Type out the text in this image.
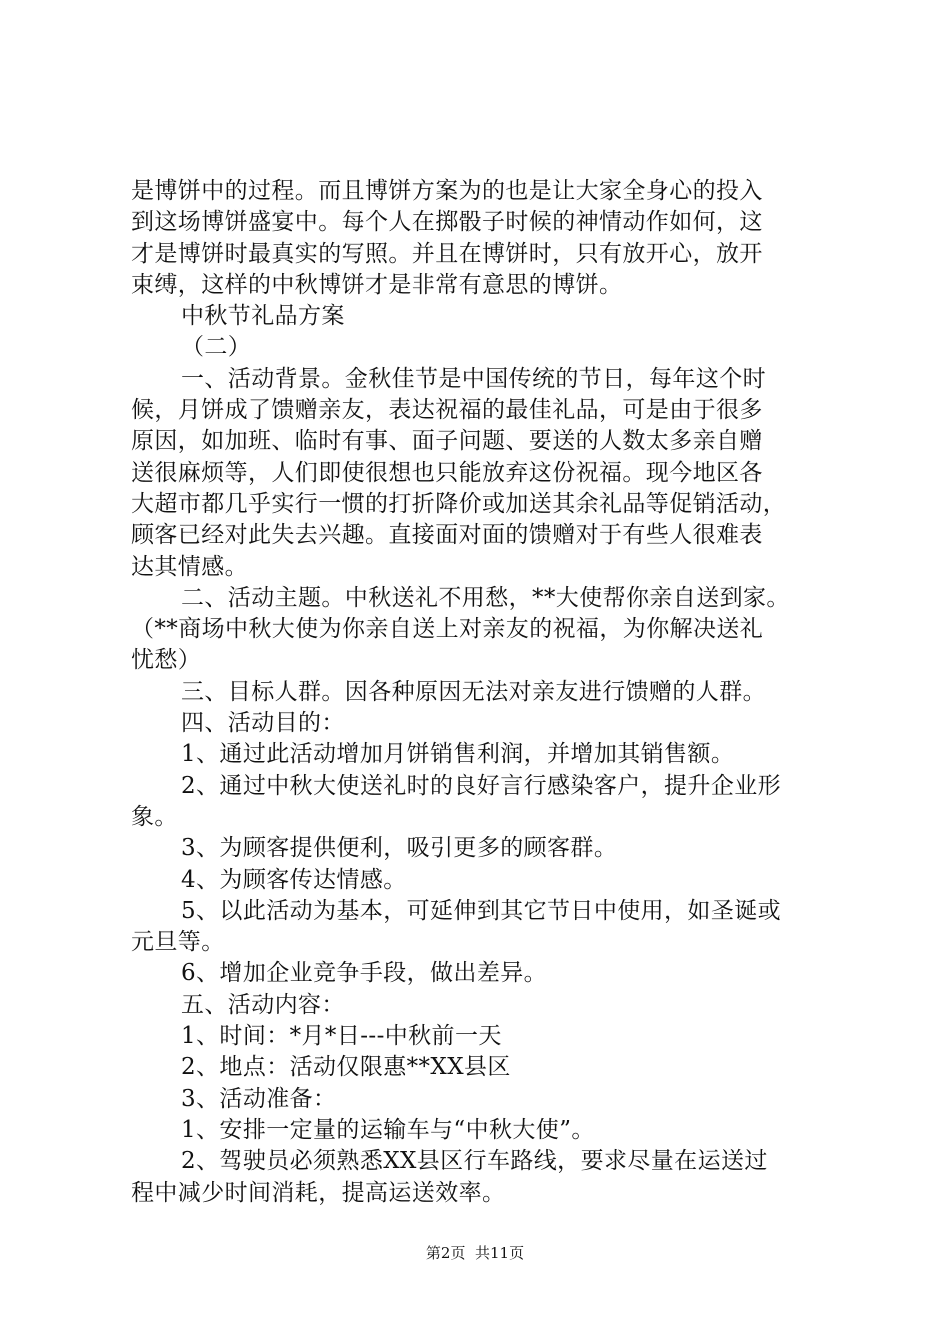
是博饼中的过程。而且博饼方案为的也是让大家全身心的投入
到这场博饼盛宴中。每个人在掷骰子时候的神情动作如何，这
才是博饼时最真实的写照。并且在博饼时，只有放开心，放开
束缚，这样的中秋博饼才是非常有意思的博饼。
中秋节礼品方案
（二）
一、活动背景。金秋佳节是中国传统的节日，每年这个时
候，月饼成了馈赠亲友，表达祝福的最佳礼品，可是由于很多
原因，如加班、临时有事、面子问题、要送的人数太多亲自赠
送很麻烦等，人们即使很想也只能放弃这份祝福。现今地区各
大超市都几乎实行一惯的打折降价或加送其余礼品等促销活动，
顾客已经对此失去兴趣。直接面对面的馈赠对于有些人很难表
达其情感。
二、活动主题。中秋送礼不用愁，**大使帮你亲自送到家。
（**商场中秋大使为你亲自送上对亲友的祝福，为你解决送礼
忧愁）
三、目标人群。因各种原因无法对亲友进行馈赠的人群。
四、活动目的：
1、通过此活动增加月饼销售利润，并增加其销售额。
2、通过中秋大使送礼时的良好言行感染客户，提升企业形
象。
3、为顾客提供便利，吸引更多的顾客群。
4、为顾客传达情感。
5、以此活动为基本，可延伸到其它节日中使用，如圣诞或
元旦等。
6、增加企业竞争手段，做出差异。
五、活动内容：
1、时间：*月*日---中秋前一天
2、地点：活动仅限惠**XX县区
3、活动准备：
1、安排一定量的运输车与“中秋大使”。
2、驾驶员必须熟悉XX县区行车路线，要求尽量在运送过
程中减少时间消耗，提高运送效率。
第2页  共11页
